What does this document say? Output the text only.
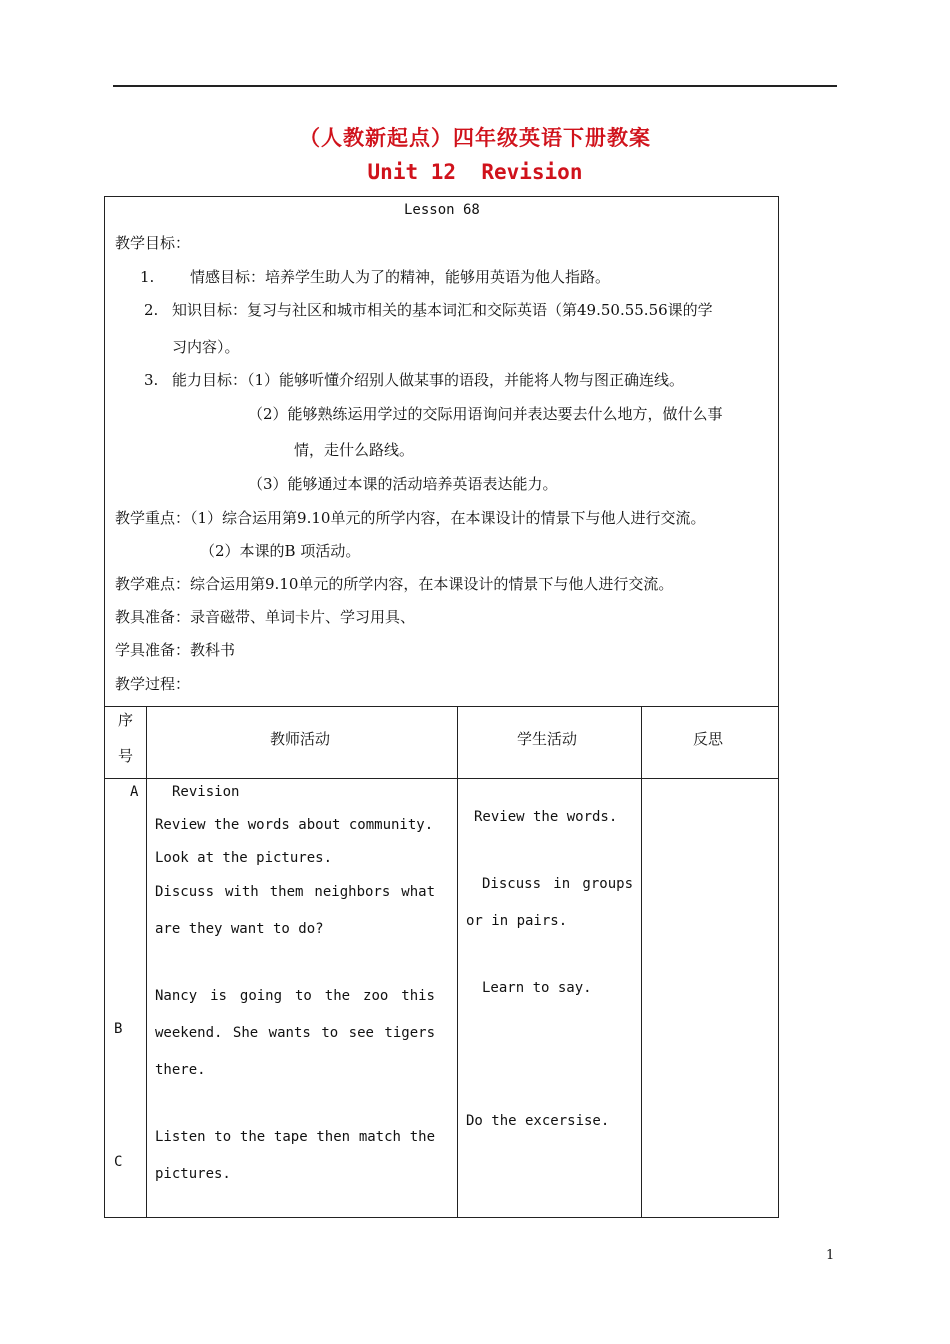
（人教新起点）四年级英语下册教案
Unit 12  Revision
Lesson 68
教学目标：
1. 情感目标：培养学生助人为了的精神，能够用英语为他人指路。
2. 知识目标：复习与社区和城市相关的基本词汇和交际英语（第49.50.55.56课的学
习内容）。
3. 能力目标：（1）能够听懂介绍别人做某事的语段，并能将人物与图正确连线。
（2）能够熟练运用学过的交际用语询问并表达要去什么地方，做什么事
情，走什么路线。
（3）能够通过本课的活动培养英语表达能力。
教学重点：（1）综合运用第9.10单元的所学内容，在本课设计的情景下与他人进行交流。
（2）本课的B 项活动。
教学难点：综合运用第9.10单元的所学内容，在本课设计的情景下与他人进行交流。
教具准备：录音磁带、单词卡片、学习用具、
学具准备：教科书
教学过程：
序
号
教师活动	学生活动	反思
A
B
C
Revision
Review the words about community.
Look at the pictures.
Discuss with them neighbors what
are they want to do?
Nancy is going to the zoo this
weekend. She wants to see tigers
there.
Listen to the tape then match the
pictures.
Review the words.
Discuss in groups
or in pairs.
Learn to say.
Do the excersise.
1
